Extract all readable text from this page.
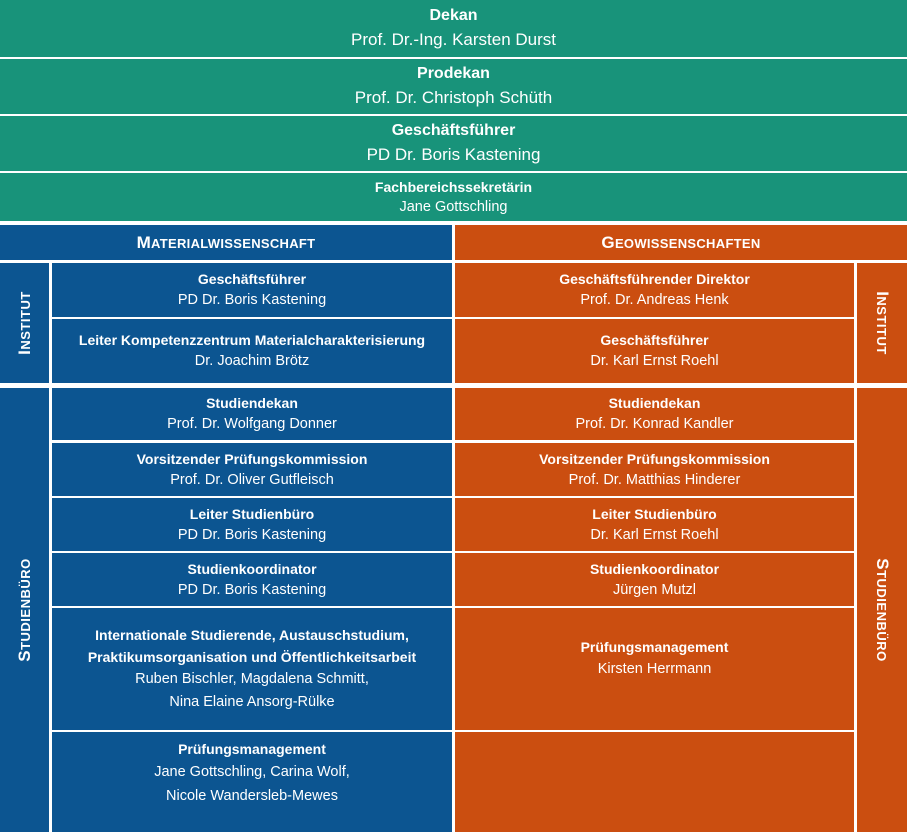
Dekan
Prof. Dr.-Ing. Karsten Durst
Prodekan
Prof. Dr. Christoph Schüth
Geschäftsführer
PD Dr. Boris Kastening
Fachbereichssekretärin
Jane Gottschling
MATERIALWISSENSCHAFT	GEOWISSENSCHAFTEN
INSTITUT
STUDIENBÜRO
INSTITUT
STUDIENBÜRO
Geschäftsführer
PD Dr. Boris Kastening
Leiter Kompetenzzentrum Materialcharakterisierung
Dr. Joachim Brötz
Studiendekan
Prof. Dr. Wolfgang Donner
Vorsitzender Prüfungskommission
Prof. Dr. Oliver Gutfleisch
Leiter Studienbüro
PD Dr. Boris Kastening
Studienkoordinator
PD Dr. Boris Kastening
Internationale Studierende, Austauschstudium,
Praktikumsorganisation und Öffentlichkeitsarbeit
Ruben Bischler, Magdalena Schmitt,
Nina Elaine Ansorg-Rülke
Prüfungsmanagement
Jane Gottschling, Carina Wolf,
Nicole Wandersleb-Mewes
Geschäftsführender Direktor
Prof. Dr. Andreas Henk
Geschäftsführer
Dr. Karl Ernst Roehl
Studiendekan
Prof. Dr. Konrad Kandler
Vorsitzender Prüfungskommission
Prof. Dr. Matthias Hinderer
Leiter Studienbüro
Dr. Karl Ernst Roehl
Studienkoordinator
Jürgen Mutzl
Prüfungsmanagement
Kirsten Herrmann
